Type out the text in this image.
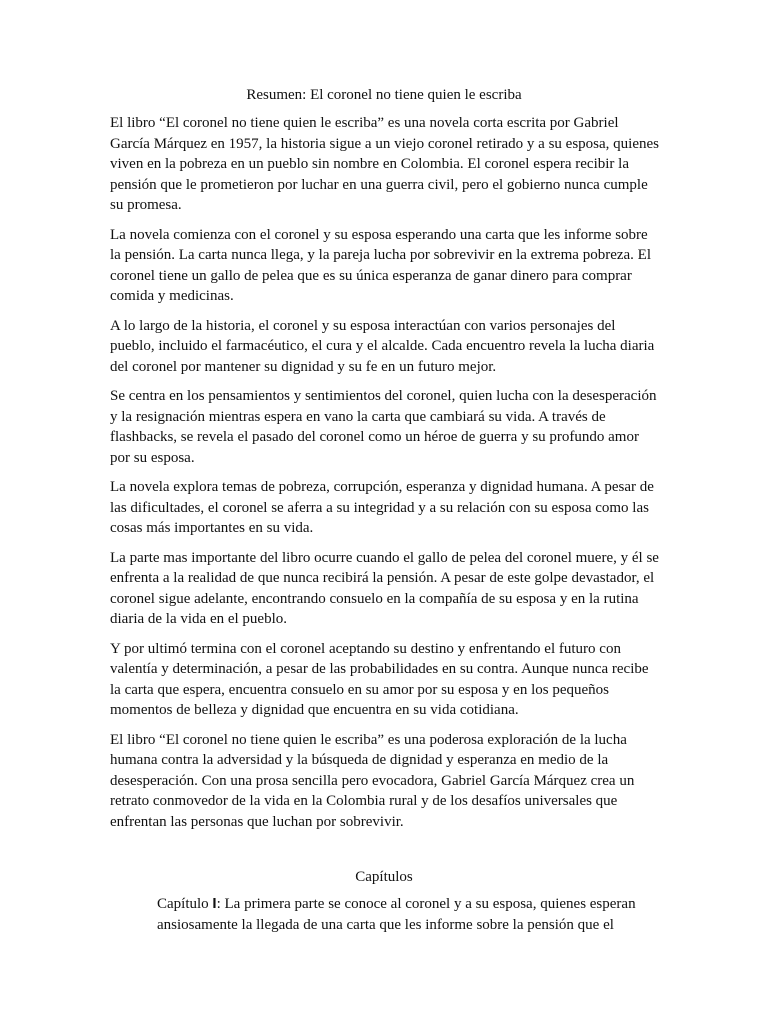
Resumen: El coronel no tiene quien le escriba

El libro “El coronel no tiene quien le escriba” es una novela corta escrita por Gabriel García Márquez en 1957, la historia sigue a un viejo coronel retirado y a su esposa, quienes viven en la pobreza en un pueblo sin nombre en Colombia. El coronel espera recibir la pensión que le prometieron por luchar en una guerra civil, pero el gobierno nunca cumple su promesa.

La novela comienza con el coronel y su esposa esperando una carta que les informe sobre la pensión. La carta nunca llega, y la pareja lucha por sobrevivir en la extrema pobreza. El coronel tiene un gallo de pelea que es su única esperanza de ganar dinero para comprar comida y medicinas.

A lo largo de la historia, el coronel y su esposa interactúan con varios personajes del pueblo, incluido el farmacéutico, el cura y el alcalde. Cada encuentro revela la lucha diaria del coronel por mantener su dignidad y su fe en un futuro mejor.

Se centra en los pensamientos y sentimientos del coronel, quien lucha con la desesperación y la resignación mientras espera en vano la carta que cambiará su vida. A través de flashbacks, se revela el pasado del coronel como un héroe de guerra y su profundo amor por su esposa.

La novela explora temas de pobreza, corrupción, esperanza y dignidad humana. A pesar de las dificultades, el coronel se aferra a su integridad y a su relación con su esposa como las cosas más importantes en su vida.

La parte mas importante del libro ocurre cuando el gallo de pelea del coronel muere, y él se enfrenta a la realidad de que nunca recibirá la pensión. A pesar de este golpe devastador, el coronel sigue adelante, encontrando consuelo en la compañía de su esposa y en la rutina diaria de la vida en el pueblo.

Y por ultimó termina con el coronel aceptando su destino y enfrentando el futuro con valentía y determinación, a pesar de las probabilidades en su contra. Aunque nunca recibe la carta que espera, encuentra consuelo en su amor por su esposa y en los pequeños momentos de belleza y dignidad que encuentra en su vida cotidiana.

El libro “El coronel no tiene quien le escriba” es una poderosa exploración de la lucha humana contra la adversidad y la búsqueda de dignidad y esperanza en medio de la desesperación. Con una prosa sencilla pero evocadora, Gabriel García Márquez crea un retrato conmovedor de la vida en la Colombia rural y de los desafíos universales que enfrentan las personas que luchan por sobrevivir.

Capítulos
Capítulo I: La primera parte se conoce al coronel y a su esposa, quienes esperan ansiosamente la llegada de una carta que les informe sobre la pensión que el
